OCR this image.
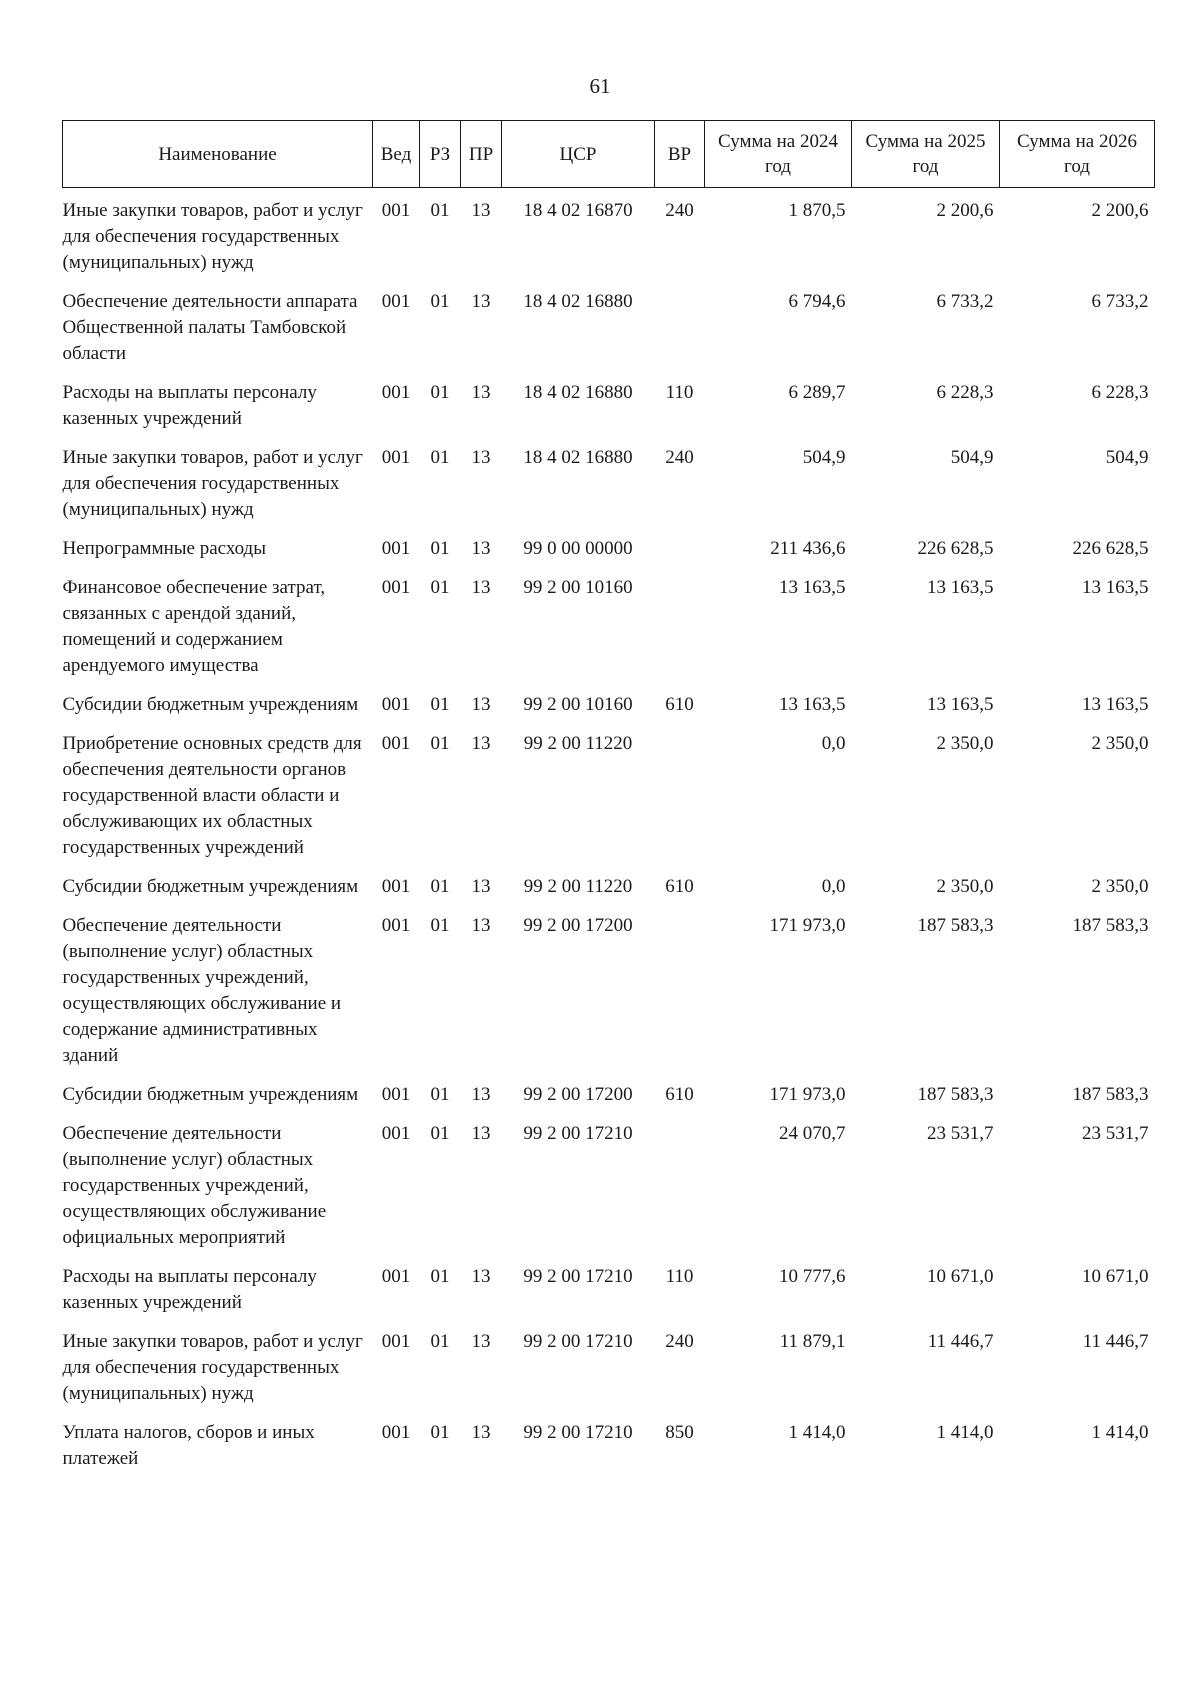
61
Наименование	Вед	РЗ	ПР	ЦСР	ВР	Сумма на 2024 год	Сумма на 2025 год	Сумма на 2026 год
Иные закупки товаров, работ и услуг для обеспечения государственных (муниципальных) нужд	001	01	13	18 4 02 16870	240	1 870,5	2 200,6	2 200,6
Обеспечение деятельности аппарата Общественной палаты Тамбовской области	001	01	13	18 4 02 16880		6 794,6	6 733,2	6 733,2
Расходы на выплаты персоналу казенных учреждений	001	01	13	18 4 02 16880	110	6 289,7	6 228,3	6 228,3
Иные закупки товаров, работ и услуг для обеспечения государственных (муниципальных) нужд	001	01	13	18 4 02 16880	240	504,9	504,9	504,9
Непрограммные расходы	001	01	13	99 0 00 00000		211 436,6	226 628,5	226 628,5
Финансовое обеспечение затрат, связанных с арендой зданий, помещений и содержанием арендуемого имущества	001	01	13	99 2 00 10160		13 163,5	13 163,5	13 163,5
Субсидии бюджетным учреждениям	001	01	13	99 2 00 10160	610	13 163,5	13 163,5	13 163,5
Приобретение основных средств для обеспечения деятельности органов государственной власти области и обслуживающих их областных государственных учреждений	001	01	13	99 2 00 11220		0,0	2 350,0	2 350,0
Субсидии бюджетным учреждениям	001	01	13	99 2 00 11220	610	0,0	2 350,0	2 350,0
Обеспечение деятельности (выполнение услуг) областных государственных учреждений, осуществляющих обслуживание и содержание административных зданий	001	01	13	99 2 00 17200		171 973,0	187 583,3	187 583,3
Субсидии бюджетным учреждениям	001	01	13	99 2 00 17200	610	171 973,0	187 583,3	187 583,3
Обеспечение деятельности (выполнение услуг) областных государственных учреждений, осуществляющих обслуживание официальных мероприятий	001	01	13	99 2 00 17210		24 070,7	23 531,7	23 531,7
Расходы на выплаты персоналу казенных учреждений	001	01	13	99 2 00 17210	110	10 777,6	10 671,0	10 671,0
Иные закупки товаров, работ и услуг для обеспечения государственных (муниципальных) нужд	001	01	13	99 2 00 17210	240	11 879,1	11 446,7	11 446,7
Уплата налогов, сборов и иных платежей	001	01	13	99 2 00 17210	850	1 414,0	1 414,0	1 414,0
